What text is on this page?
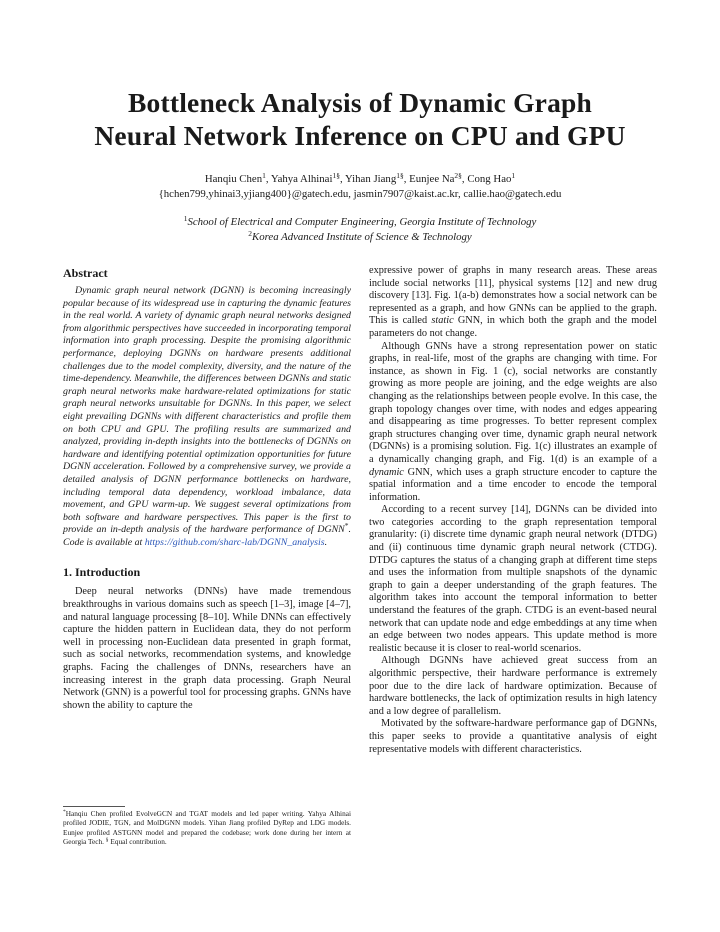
Bottleneck Analysis of Dynamic Graph
Neural Network Inference on CPU and GPU
Hanqiu Chen$^1$, Yahya Alhinai$^{1\S}$, Yihan Jiang$^{1\S}$, Eunjee $Na^{2\S}$, Cong Hao$^1$
{hchen799,yhinai3,yjiang400}@gatech.edu, jasmin7907@kaist.ac.kr, callie.hao@gatech.edu
$^1$School of Electrical and Computer Engineering, Georgia Institute of Technology
$^2$Korea Advanced Institute of Science & Technology
Abstract

Dynamic graph neural network (DGNN) is becoming increasingly popular because of its widespread use in capturing the dynamic features in the real world. A variety of dynamic graph neural networks designed from algorithmic perspectives have succeeded in incorporating temporal information into graph processing. Despite the promising algorithmic performance, deploying DGNNs on hardware presents additional challenges due to the model complexity, diversity, and the nature of the time-dependency. Meanwhile, the differences between DGNNs and static graph neural networks make hardware-related optimizations for static graph neural networks unsuitable for DGNNs. In this paper, we select eight prevailing DGNNs with different characteristics and profile them on both CPU and GPU. The profiling results are summarized and analyzed, providing in-depth insights into the bottlenecks of DGNNs on hardware and identifying potential optimization opportunities for future DGNN acceleration. Followed by a comprehensive survey, we provide a detailed analysis of DGNN performance bottlenecks on hardware, including temporal data dependency, workload imbalance, data movement, and GPU warm-up. We suggest several optimizations from both software and hardware perspectives. This paper is the first to provide an in-depth analysis of the hardware performance of DGNN*. Code is available at https://github.com/sharc-lab/DGNN_analysis.

1. Introduction

Deep neural networks (DNNs) have made tremendous breakthroughs in various domains such as speech [1–3], image [4–7], and natural language processing [8–10]. While DNNs can effectively capture the hidden pattern in Euclidean data, they do not perform well in processing non-Euclidean data presented in graph format, such as social networks, recommendation systems, and knowledge graphs. Facing the challenges of DNNs, researchers have an increasing interest in the graph data processing. Graph Neural Network (GNN) is a powerful tool for processing graphs. GNNs have shown the ability to capture the

expressive power of graphs in many research areas. These areas include social networks [11], physical systems [12] and new drug discovery [13]. Fig. 1(a-b) demonstrates how a social network can be represented as a graph, and how GNNs can be applied to the graph. This is called static GNN, in which both the graph and the model parameters do not change.

Although GNNs have a strong representation power on static graphs, in real-life, most of the graphs are changing with time. For instance, as shown in Fig. 1 (c), social networks are constantly growing as more people are joining, and the edge weights are also changing as the relationships between people evolve. In this case, the graph topology changes over time, with nodes and edges appearing and disappearing as time progresses. To better represent complex graph structures changing over time, dynamic graph neural network (DGNNs) is a promising solution. Fig. 1(c) illustrates an example of a dynamically changing graph, and Fig. 1(d) is an example of a dynamic GNN, which uses a graph structure encoder to capture the spatial information and a time encoder to encode the temporal information.

According to a recent survey [14], DGNNs can be divided into two categories according to the graph representation temporal granularity: (i) discrete time dynamic graph neural network (DTDG) and (ii) continuous time dynamic graph neural network (CTDG). DTDG captures the status of a changing graph at different time steps and uses the information from multiple snapshots of the dynamic graph to gain a deeper understanding of the graph features. The algorithm takes into account the temporal information to better understand the features of the graph. CTDG is an event-based neural network that can update node and edge embeddings at any time when an edge between two nodes appears. This update method is more realistic because it is closer to real-world scenarios.

Although DGNNs have achieved great success from an algorithmic perspective, their hardware performance is extremely poor due to the dire lack of hardware optimization. Because of hardware bottlenecks, the lack of optimization results in high latency and a low degree of parallelism.

Motivated by the software-hardware performance gap of DGNNs, this paper seeks to provide a quantitative analysis of eight representative models with different characteristics.

*Hanqiu Chen profiled EvolveGCN and TGAT models and led paper writing. Yahya Alhinai profiled JODIE, TGN, and MolDGNN models. Yihan Jiang profiled DyRep and LDG models. Eunjee profiled ASTGNN model and prepared the codebase; work done during her intern at Georgia Tech. § Equal contribution.
